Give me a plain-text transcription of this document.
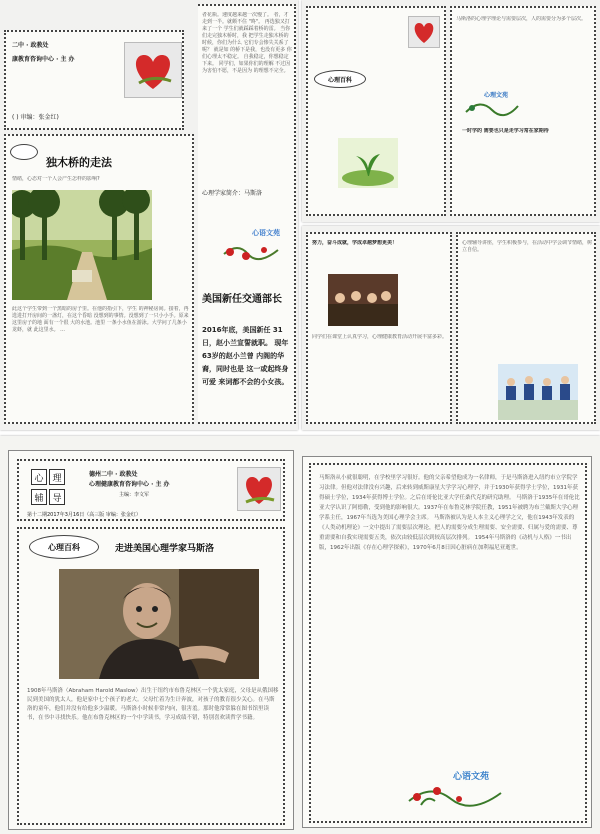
二中 · 政教处
康教育咨询中心 · 主 办
( ) 审编：张金红)
独木桥的走法
情绪，心态对一个人会产生怎样的影响?
此这个学生带到一个黑暗的房子里。在他的指引下，学生 的神秘房间。接着，再选进打开房间的一盏灯，在这个昏暗 没想到的事情。没想到了一只小小手。原来这里房子的地 面有一个很 大的水池。池里 一条小水鱼在游泳。大学问了几条小龙虾，就 此这里水。 ...
者花瓶。速度越来越一次慢了。 者，才走到一半。就颇不住 "咚"。 再选独又打来了一个 学生们就踩踩着桥的雷。 当你们走完独木桥时，我 把学生走独木桥的时候，你们为什么 它们专会惨失关系了呢？ 就是如 的桥下是我，也没有更多 你们心理太不稳定。 自我稳定，你想稳定下来。 同学们，如果你们的理解 不过因为害怕不愿，不是因为 的理想不完全。
心理学家简介：马斯洛
心语文苑
美国新任交通部长
2016年底，美国新任 31日，赵小兰宣誓就职。 现年63岁的赵小兰曾 内阁的华裔，同时也是 这一或起终身可爱 来词都不会的小女孩。
心理百科
马斯洛的心理学理论与需要层次，人的需要分为多个层次。
心理文苑
一时学的 需要也只是走学习常在家期待
努力，奋斗成就，学成卓越梦想更美！
同学们在课堂上认真学习，心理健康教育活动开展丰富多彩。
心理辅导讲座，学生积极参与，在活动中学会调节情绪，树立自信。
心 理
辅 导
德州二中 · 政教处
心理健康教育咨询中心 · 主 办
主编：李文军
第十二期2017年3月16日（高三版 审编：张金红）
心理百科	走进美国心理学家马斯洛
1908年马斯洛（Abraham Harold Maslow）出生于纽约市布鲁克林区一个犹太家庭，父母是从俄国移民到美国的犹太人，他是家中七个孩子的老大。父母忙着为生计奔波，对孩子的教育很少关心。在马斯洛的童年，他们并没有给他多少温暖。马斯洛小时候非常内向，很害羞。那时他常常躲在图书馆里读书，在书中寻找快乐。他在布鲁克林区的一个中学读书，学习成绩不错，特别喜欢读哲学书籍。
马斯洛从小就很聪明，在学校里学习很好。他的父亲希望他成为一名律师，于是马斯洛进入纽约市立学院学习法律。但他对法律没有兴趣，后来转到威斯康星大学学习心理学，并于1930年获得学士学位，1931年获得硕士学位，1934年获得博士学位。之后在哥伦比亚大学任桑代克的研究助理。 马斯洛于1935年在哥伦比亚大学认识了阿德勒，受到他的影响很大。1937年在布鲁克林学院任教，1951年被聘为布兰戴斯大学心理学系主任，1967年当选为美国心理学会主席。 马斯洛被认为是人本主义心理学之父，他在1943年发表的《人类动机理论》一文中提出了需要层次理论，把人的需要分成生理需要、安全需要、归属与爱的需要、尊重需要和自我实现需要五类，依次由较低层次到较高层次排列。 1954年马斯洛的《动机与人格》一书出版，1962年出版《存在心理学探索》，1970年6月8日因心脏病在加利福尼亚逝世。
心语文苑
